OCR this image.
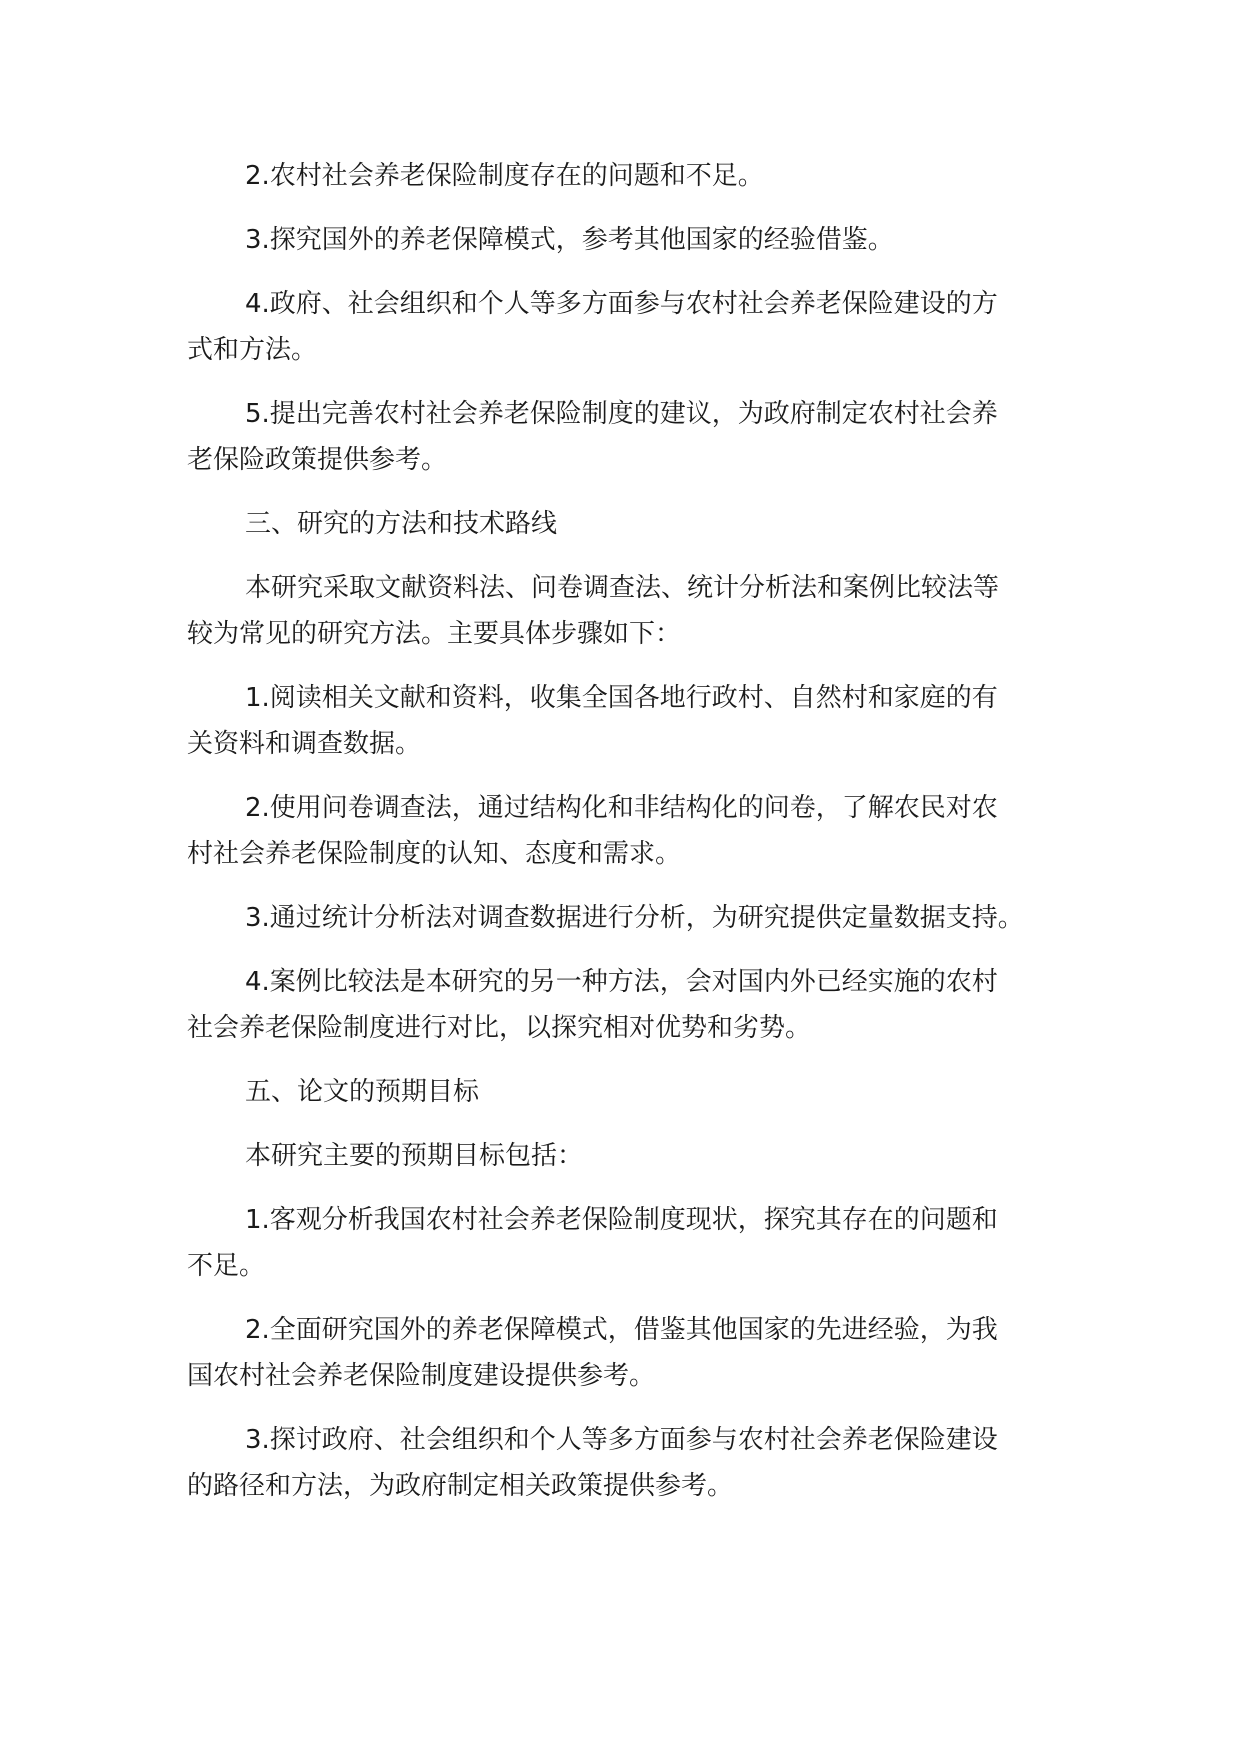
2.农村社会养老保险制度存在的问题和不足。

3.探究国外的养老保障模式，参考其他国家的经验借鉴。

4.政府、社会组织和个人等多方面参与农村社会养老保险建设的方
式和方法。

5.提出完善农村社会养老保险制度的建议，为政府制定农村社会养
老保险政策提供参考。

三、研究的方法和技术路线

本研究采取文献资料法、问卷调查法、统计分析法和案例比较法等
较为常见的研究方法。主要具体步骤如下：

1.阅读相关文献和资料，收集全国各地行政村、自然村和家庭的有
关资料和调查数据。

2.使用问卷调查法，通过结构化和非结构化的问卷，了解农民对农
村社会养老保险制度的认知、态度和需求。

3.通过统计分析法对调查数据进行分析，为研究提供定量数据支持。

4.案例比较法是本研究的另一种方法，会对国内外已经实施的农村
社会养老保险制度进行对比，以探究相对优势和劣势。

五、论文的预期目标

本研究主要的预期目标包括：

1.客观分析我国农村社会养老保险制度现状，探究其存在的问题和
不足。

2.全面研究国外的养老保障模式，借鉴其他国家的先进经验，为我
国农村社会养老保险制度建设提供参考。

3.探讨政府、社会组织和个人等多方面参与农村社会养老保险建设
的路径和方法，为政府制定相关政策提供参考。
